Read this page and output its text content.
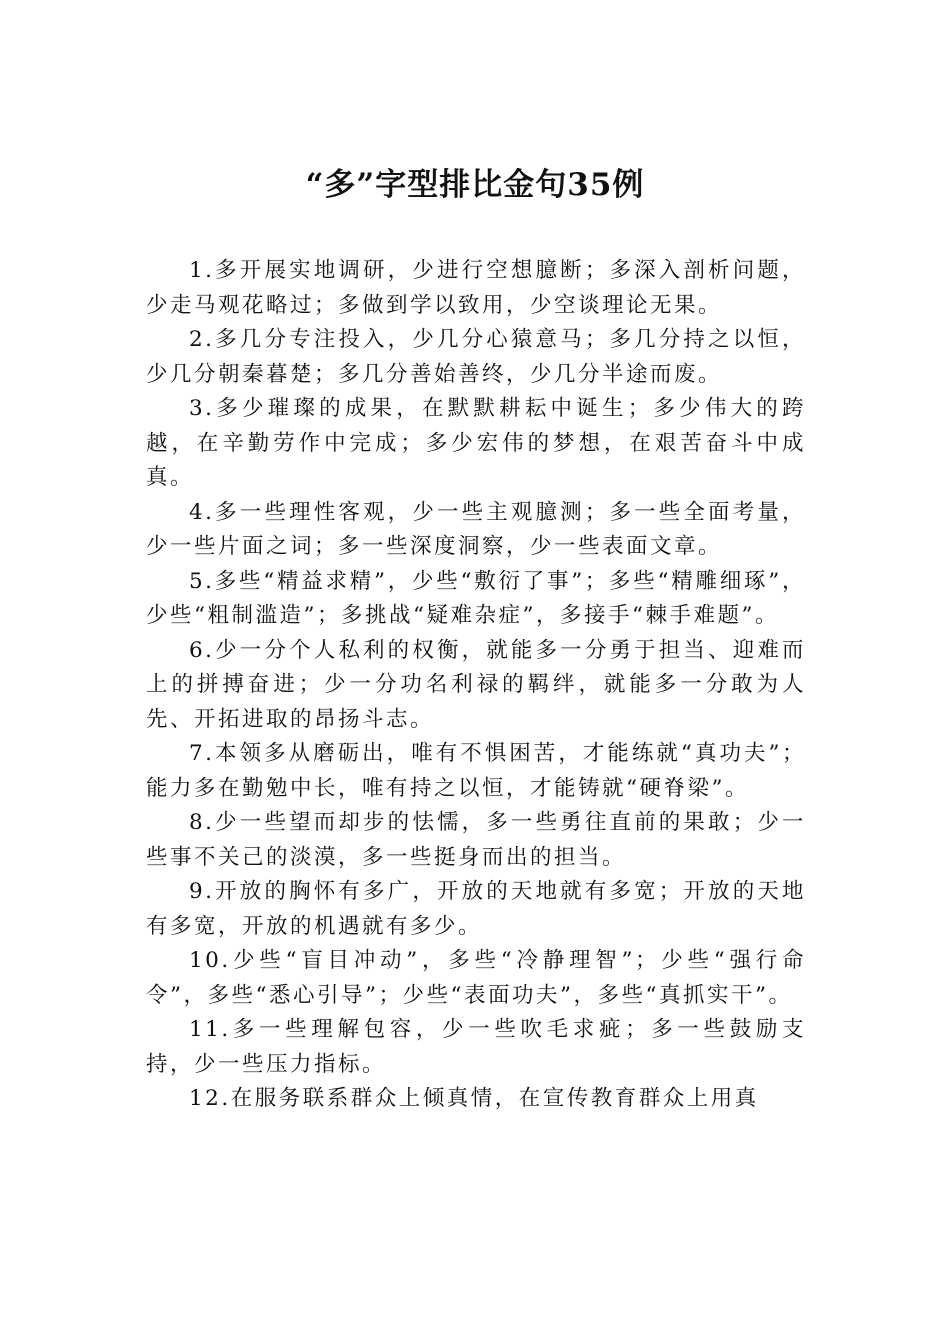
“多”字型排比金句35例

1.多开展实地调研，少进行空想臆断；多深入剖析问题，少走马观花略过；多做到学以致用，少空谈理论无果。

2.多几分专注投入，少几分心猿意马；多几分持之以恒，少几分朝秦暮楚；多几分善始善终，少几分半途而废。

3.多少璀璨的成果，在默默耕耘中诞生；多少伟大的跨越，在辛勤劳作中完成；多少宏伟的梦想，在艰苦奋斗中成真。

4.多一些理性客观，少一些主观臆测；多一些全面考量，少一些片面之词；多一些深度洞察，少一些表面文章。

5.多些“精益求精”，少些“敷衍了事”；多些“精雕细琢”，少些“粗制滥造”；多挑战“疑难杂症”，多接手“棘手难题”。

6.少一分个人私利的权衡，就能多一分勇于担当、迎难而上的拼搏奋进；少一分功名利禄的羁绊，就能多一分敢为人先、开拓进取的昂扬斗志。

7.本领多从磨砺出，唯有不惧困苦，才能练就“真功夫”；能力多在勤勉中长，唯有持之以恒，才能铸就“硬脊梁”。

8.少一些望而却步的怯懦，多一些勇往直前的果敢；少一些事不关己的淡漠，多一些挺身而出的担当。

9.开放的胸怀有多广，开放的天地就有多宽；开放的天地有多宽，开放的机遇就有多少。

10.少些“盲目冲动”，多些“冷静理智”；少些“强行命令”，多些“悉心引导”；少些“表面功夫”，多些“真抓实干”。

11.多一些理解包容，少一些吹毛求疵；多一些鼓励支持，少一些压力指标。

12.在服务联系群众上倾真情，在宣传教育群众上用真
